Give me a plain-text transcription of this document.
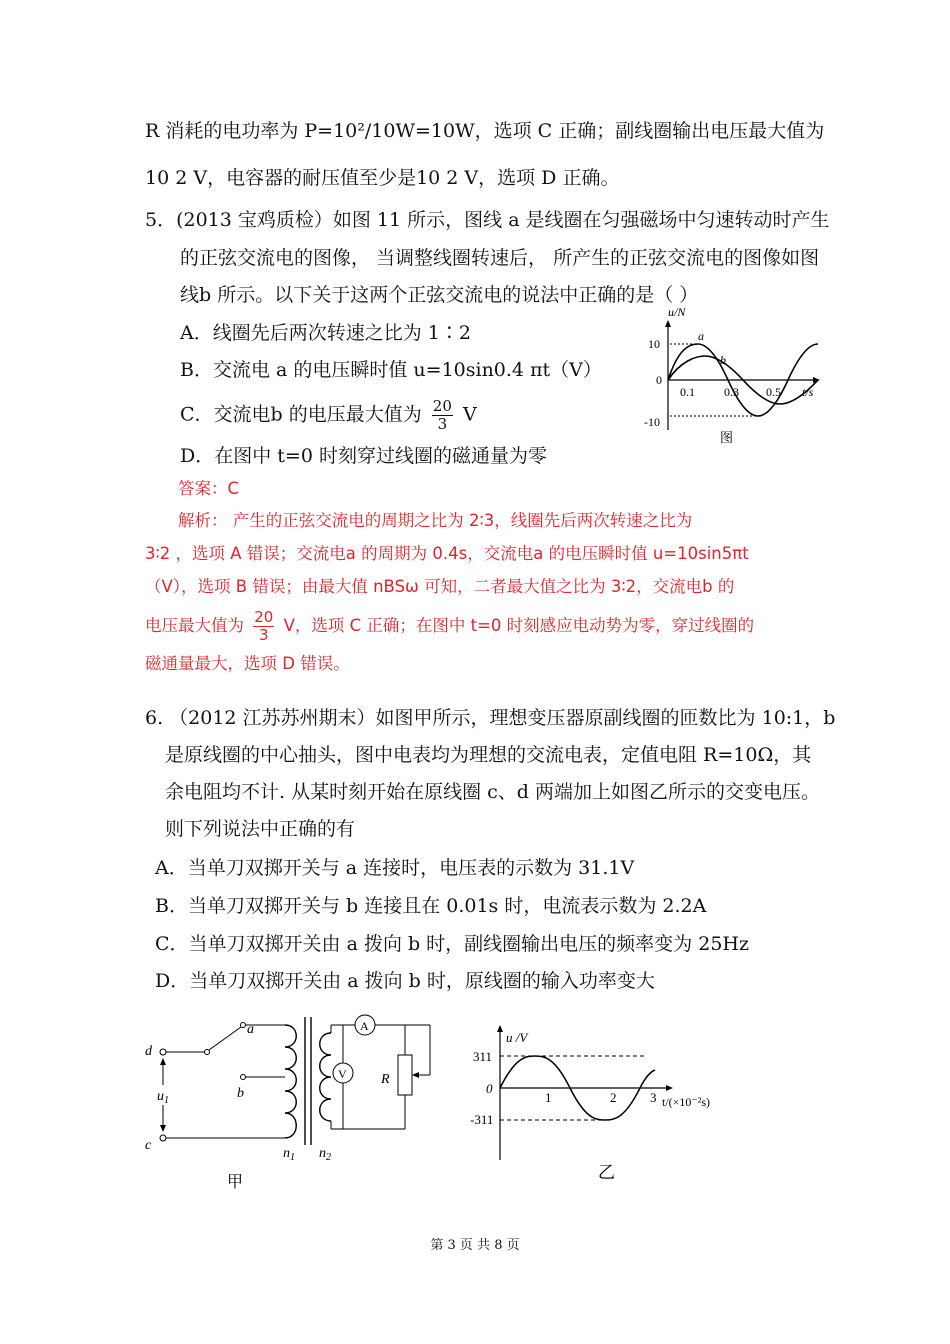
R 消耗的电功率为 P=10²/10W=10W，选项 C 正确；副线圈输出电压最大值为
10 2 V，电容器的耐压值至少是10 2 V，选项 D 正确。
5．(2013 宝鸡质检）如图 11 所示，图线 a 是线圈在匀强磁场中匀速转动时产生
的正弦交流电的图像， 当调整线圈转速后， 所产生的正弦交流电的图像如图
线b 所示。以下关于这两个正弦交流电的说法中正确的是（ ）
A．线圈先后两次转速之比为 1∶2
B．交流电 a 的电压瞬时值 u=10sin0.4 πt（V）
C．交流电b 的电压最大值为 $\frac{20}{3}$ V
D．在图中 t=0 时刻穿过线圈的磁通量为零
u/N
10
0
-10
0.1 0.3 0.5 t/s
a
b
图
答案：C
解析： 产生的正弦交流电的周期之比为 2∶3，线圈先后两次转速之比为
3∶2 ，选项 A 错误；交流电a 的周期为 0.4s，交流电a 的电压瞬时值 u=10sin5πt
（V），选项 B 错误；由最大值 nBSω 可知，二者最大值之比为 3∶2，交流电b 的
电压最大值为 $\frac{20}{3}$ V，选项 C 正确；在图中 t=0 时刻感应电动势为零，穿过线圈的
磁通量最大，选项 D 错误。
6. （2012 江苏苏州期末）如图甲所示，理想变压器原副线圈的匝数比为 10:1，b
是原线圈的中心抽头，图中电表均为理想的交流电表，定值电阻 R=10Ω，其
余电阻均不计. 从某时刻开始在原线圈 c、d 两端加上如图乙所示的交变电压。
则下列说法中正确的有
A．当单刀双掷开关与 a 连接时，电压表的示数为 31.1V
B．当单刀双掷开关与 b 连接且在 0.01s 时，电流表示数为 2.2A
C．当单刀双掷开关由 a 拨向 b 时，副线圈输出电压的频率变为 25Hz
D．当单刀双掷开关由 a 拨向 b 时，原线圈的输入功率变大
d
c
$u_1$
a
b
$n_1$ $n_2$
A
V R
甲
u /V
311
0
-311
1	2	3 t/(×10⁻²s)
乙
第 3 页 共 8 页
